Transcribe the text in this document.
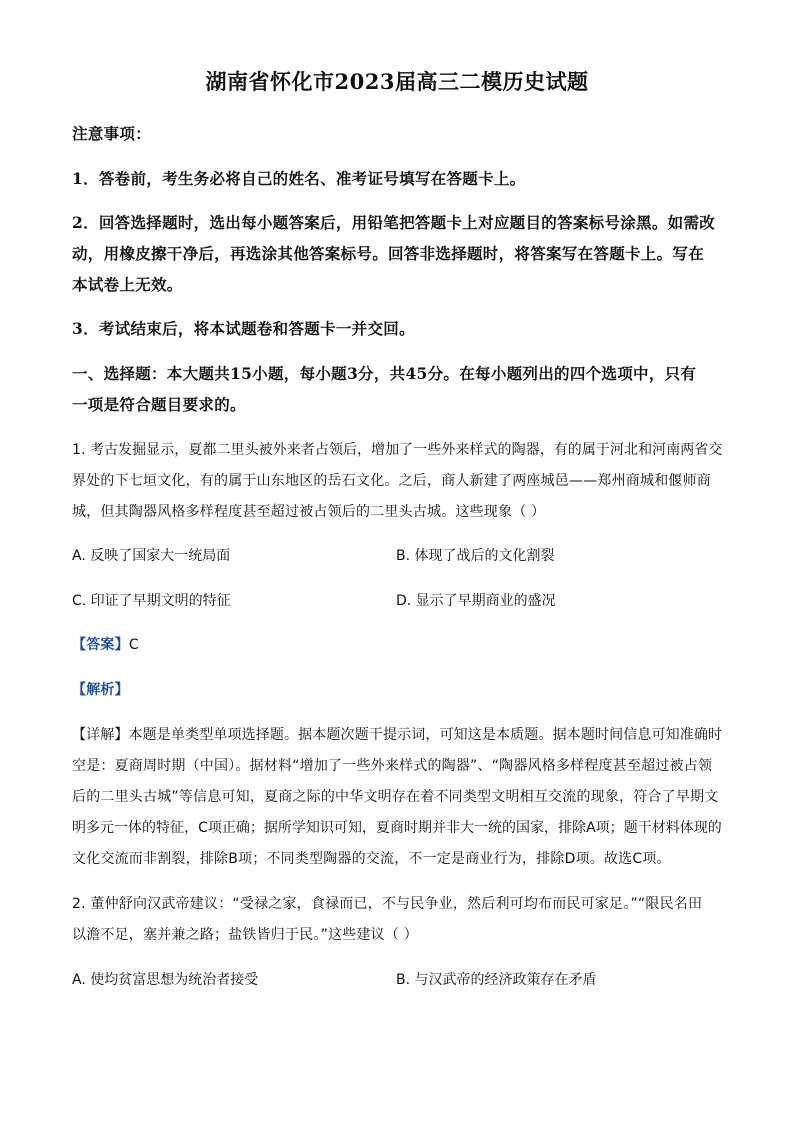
湖南省怀化市2023届高三二模历史试题
注意事项：
1．答卷前，考生务必将自己的姓名、准考证号填写在答题卡上。
2．回答选择题时，选出每小题答案后，用铅笔把答题卡上对应题目的答案标号涂黑。如需改
动，用橡皮擦干净后，再选涂其他答案标号。回答非选择题时，将答案写在答题卡上。写在
本试卷上无效。
3．考试结束后，将本试题卷和答题卡一并交回。
一、选择题：本大题共15小题，每小题3分，共45分。在每小题列出的四个选项中，只有
一项是符合题目要求的。
1. 考古发掘显示，夏都二里头被外来者占领后，增加了一些外来样式的陶器，有的属于河北和河南两省交
界处的下七垣文化，有的属于山东地区的岳石文化。之后，商人新建了两座城邑——郑州商城和偃师商
城，但其陶器风格多样程度甚至超过被占领后的二里头古城。这些现象（ ）
A. 反映了国家大一统局面	B. 体现了战后的文化割裂
C. 印证了早期文明的特征	D. 显示了早期商业的盛况
【答案】C
【解析】
【详解】本题是单类型单项选择题。据本题次题干提示词，可知这是本质题。据本题时间信息可知准确时
空是：夏商周时期（中国）。据材料“增加了一些外来样式的陶器”、“陶器风格多样程度甚至超过被占领
后的二里头古城”等信息可知，夏商之际的中华文明存在着不同类型文明相互交流的现象，符合了早期文
明多元一体的特征，C项正确；据所学知识可知，夏商时期并非大一统的国家，排除A项；题干材料体现的
文化交流而非割裂，排除B项；不同类型陶器的交流，不一定是商业行为，排除D项。故选C项。
2. 董仲舒向汉武帝建议：“受禄之家，食禄而已，不与民争业，然后利可均布而民可家足。”“限民名田
以澹不足，塞并兼之路；盐铁皆归于民。”这些建议（ ）
A. 使均贫富思想为统治者接受	B. 与汉武帝的经济政策存在矛盾
